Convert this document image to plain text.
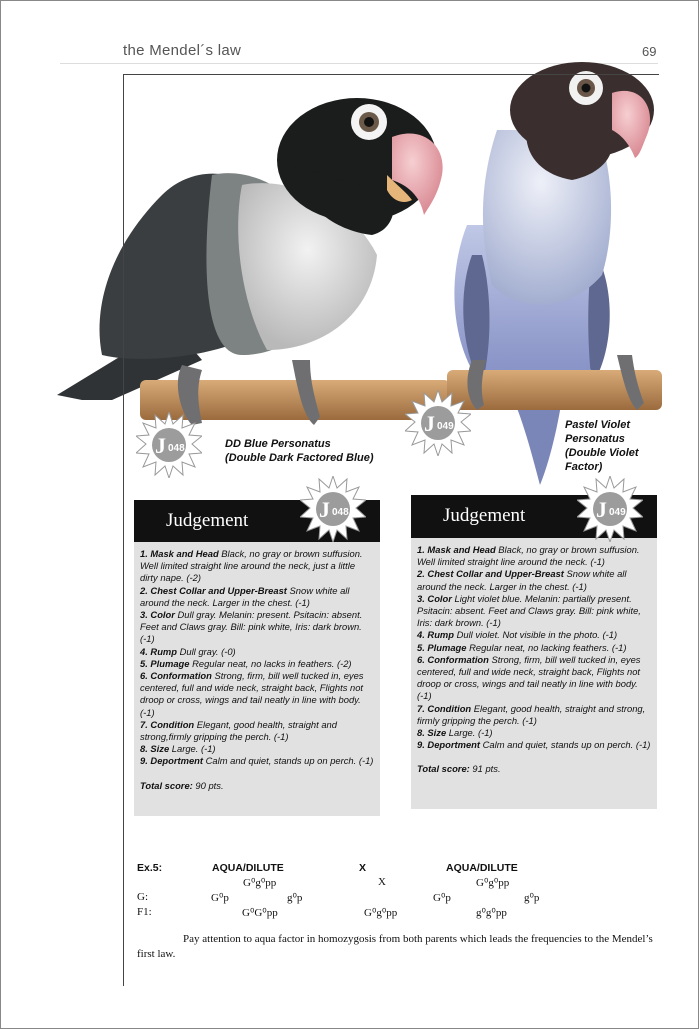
the Mendel´s law	69
J 048
J 049
DD Blue Personatus
(Double Dark Factored Blue)
Pastel Violet
Personatus
(Double Violet
Factor)
Judgement
1. Mask and Head Black, no gray or brown suffusion. Well limited straight line around the neck, just a little dirty nape. (-2)
2. Chest Collar and Upper-Breast Snow white all around the neck. Larger in the chest. (-1)
3. Color Dull gray. Melanin: present. Psitacin: absent. Feet and Claws gray. Bill: pink white, Iris: dark brown. (-1)
4. Rump Dull gray. (-0)
5. Plumage Regular neat, no lacks in feathers. (-2)
6. Conformation Strong, firm, bill well tucked in, eyes centered, full and wide neck, straight back, Flights not droop or cross, wings and tail neatly in line with body. (-1)
7. Condition Elegant, good health, straight and strong,firmly gripping the perch. (-1)
8. Size Large. (-1)
9. Deportment Calm and quiet, stands up on perch. (-1)
Total score: 90 pts.
J 048	Judgement
1. Mask and Head Black, no gray or brown suffusion. Well limited straight line around the neck. (-1)
2. Chest Collar and Upper-Breast Snow white all around the neck. Larger in the chest. (-1)
3. Color Light violet blue. Melanin: partially present. Psitacin: absent. Feet and Claws gray. Bill: pink white, Iris: dark brown. (-1)
4. Rump Dull violet. Not visible in the photo. (-1)
5. Plumage Regular neat, no lacking feathers. (-1)
6. Conformation Strong, firm, bill well tucked in, eyes centered, full and wide neck, straight back, Flights not droop or cross, wings and tail neatly in line with body. (-1)
7. Condition Elegant, good health, straight and strong, firmly gripping the perch. (-1)
8. Size Large. (-1)
9. Deportment Calm and quiet, stands up on perch. (-1)
Total score: 91 pts.
J 049
Ex.5:	AQUA/DILUTE	X	AQUA/DILUTE
G⁰g⁰pp	X	G⁰g⁰pp
G:	G⁰p	g⁰p	G⁰p	g⁰p
F1:	G⁰G⁰pp	G⁰g⁰pp	g⁰g⁰pp
Pay attention to aqua factor in homozygosis from both parents which leads the frequencies to the Mendel’s first law.
